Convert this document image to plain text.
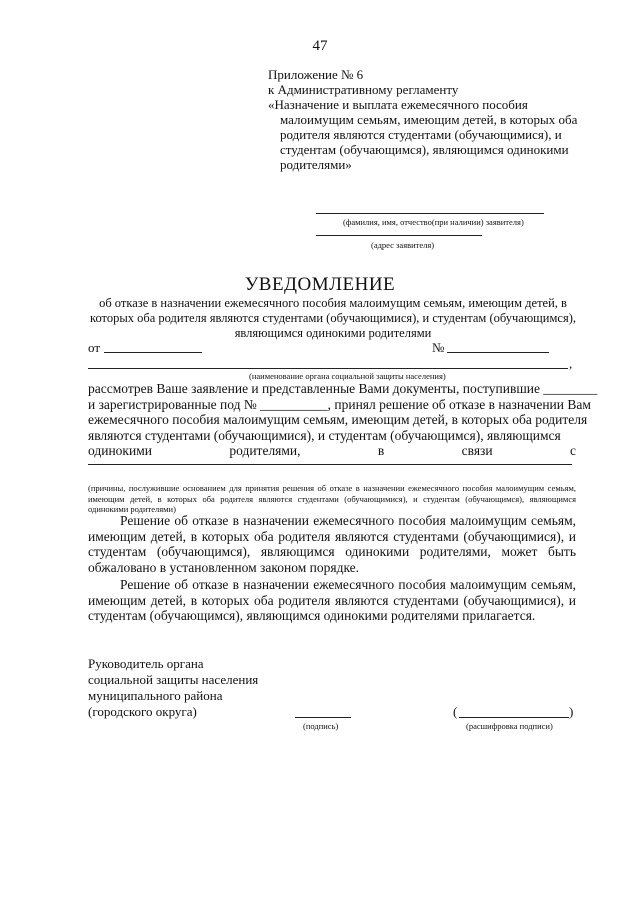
47
Приложение № 6
к Административному регламенту
«Назначение и выплата ежемесячного пособия
малоимущим семьям, имеющим детей, в которых оба
родителя являются студентами (обучающимися), и
студентам (обучающимся), являющимся одинокими
родителями»
(фамилия, имя, отчество(при наличии) заявителя)
(адрес заявителя)
УВЕДОМЛЕНИЕ
об отказе в назначении ежемесячного пособия малоимущим семьям, имеющим детей, в
которых оба родителя являются студентами (обучающимися), и студентам (обучающимся),
являющимся одинокими родителями
от	№
,
(наименование органа социальной защиты населения)

рассмотрев Ваше заявление и представленные Вами документы, поступившие ________

и зарегистрированные под № __________, принял решение об отказе в назначении Вам

ежемесячного пособия малоимущим семьям, имеющим детей, в которых оба родителя

являются студентами (обучающимися), и студентам (обучающимся), являющимся

одинокими	родителями,	в	связи	с
(причины, послужившие основанием для принятия решения об отказе в назначении ежемесячного пособия малоимущим семьям, имеющим детей, в которых оба родителя являются студентами (обучающимися), и студентам (обучающимся), являющимся одинокими родителями)

Решение об отказе в назначении ежемесячного пособия малоимущим семьям, имеющим детей, в которых оба родителя являются студентами (обучающимися), и студентам (обучающимся), являющимся одинокими родителями, может быть обжаловано в установленном законом порядке.

Решение об отказе в назначении ежемесячного пособия малоимущим семьям, имеющим детей, в которых оба родителя являются студентами (обучающимися), и студентам (обучающимся), являющимся одинокими родителями прилагается.

Руководитель органа
социальной защиты населения
муниципального района
(городского округа)
(подпись)
(	)
(расшифровка подписи)
